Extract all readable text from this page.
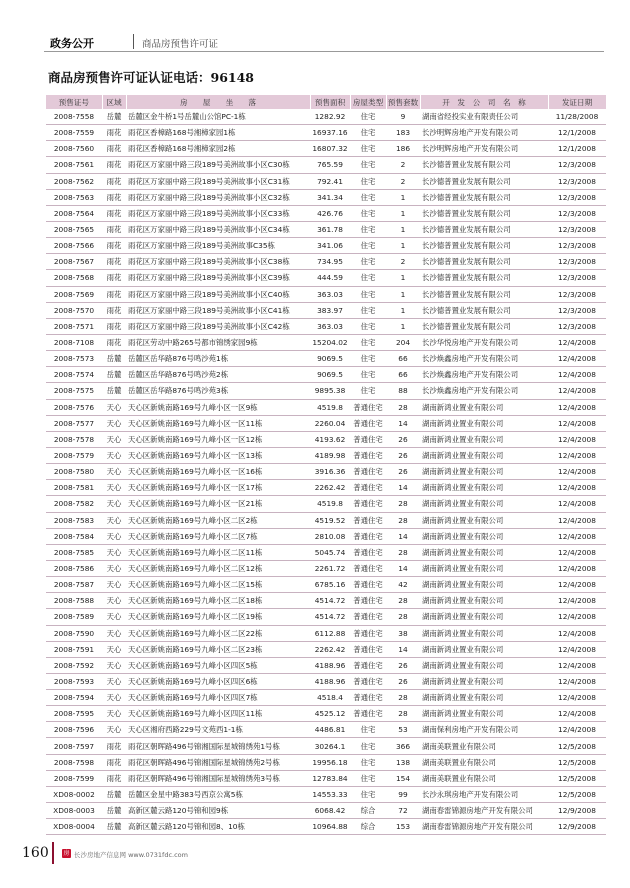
政务公开	商品房预售许可证
商品房预售许可证认证电话：96148
预售证号	区域	房　　屋　　坐　　落	预售面积	房屋类型	预售套数	开　发　公　司　名　称	发证日期
2008-7558	岳麓	岳麓区金牛桥1号岳麓山公馆PC-1栋	1282.92	住宅	9	湖南省经投实业有限责任公司	11/28/2008
2008-7559	雨花	雨花区香樟路168号湘樟家园1栋	16937.16	住宅	183	长沙明辉房地产开发有限公司	12/1/2008
2008-7560	雨花	雨花区香樟路168号湘樟家园2栋	16807.32	住宅	186	长沙明辉房地产开发有限公司	12/1/2008
2008-7561	雨花	雨花区万家丽中路三段189号美洲故事小区C30栋	765.59	住宅	2	长沙德普置业发展有限公司	12/3/2008
2008-7562	雨花	雨花区万家丽中路三段189号美洲故事小区C31栋	792.41	住宅	2	长沙德普置业发展有限公司	12/3/2008
2008-7563	雨花	雨花区万家丽中路三段189号美洲故事小区C32栋	341.34	住宅	1	长沙德普置业发展有限公司	12/3/2008
2008-7564	雨花	雨花区万家丽中路三段189号美洲故事小区C33栋	426.76	住宅	1	长沙德普置业发展有限公司	12/3/2008
2008-7565	雨花	雨花区万家丽中路三段189号美洲故事小区C34栋	361.78	住宅	1	长沙德普置业发展有限公司	12/3/2008
2008-7566	雨花	雨花区万家丽中路三段189号美洲故事C35栋	341.06	住宅	1	长沙德普置业发展有限公司	12/3/2008
2008-7567	雨花	雨花区万家丽中路三段189号美洲故事小区C38栋	734.95	住宅	2	长沙德普置业发展有限公司	12/3/2008
2008-7568	雨花	雨花区万家丽中路三段189号美洲故事小区C39栋	444.59	住宅	1	长沙德普置业发展有限公司	12/3/2008
2008-7569	雨花	雨花区万家丽中路三段189号美洲故事小区C40栋	363.03	住宅	1	长沙德普置业发展有限公司	12/3/2008
2008-7570	雨花	雨花区万家丽中路三段189号美洲故事小区C41栋	383.97	住宅	1	长沙德普置业发展有限公司	12/3/2008
2008-7571	雨花	雨花区万家丽中路三段189号美洲故事小区C42栋	363.03	住宅	1	长沙德普置业发展有限公司	12/3/2008
2008-7108	雨花	雨花区劳动中路265号都市锦绣家园9栋	15204.02	住宅	204	长沙华悦房地产开发有限公司	12/4/2008
2008-7573	岳麓	岳麓区岳华路876号鸣沙苑1栋	9069.5	住宅	66	长沙焕鑫房地产开发有限公司	12/4/2008
2008-7574	岳麓	岳麓区岳华路876号鸣沙苑2栋	9069.5	住宅	66	长沙焕鑫房地产开发有限公司	12/4/2008
2008-7575	岳麓	岳麓区岳华路876号鸣沙苑3栋	9895.38	住宅	88	长沙焕鑫房地产开发有限公司	12/4/2008
2008-7576	天心	天心区新姚南路169号九峰小区一区9栋	4519.8	普通住宅	28	湖南新鸿业置业有限公司	12/4/2008
2008-7577	天心	天心区新姚南路169号九峰小区一区11栋	2260.04	普通住宅	14	湖南新鸿业置业有限公司	12/4/2008
2008-7578	天心	天心区新姚南路169号九峰小区一区12栋	4193.62	普通住宅	26	湖南新鸿业置业有限公司	12/4/2008
2008-7579	天心	天心区新姚南路169号九峰小区一区13栋	4189.98	普通住宅	26	湖南新鸿业置业有限公司	12/4/2008
2008-7580	天心	天心区新姚南路169号九峰小区一区16栋	3916.36	普通住宅	26	湖南新鸿业置业有限公司	12/4/2008
2008-7581	天心	天心区新姚南路169号九峰小区一区17栋	2262.42	普通住宅	14	湖南新鸿业置业有限公司	12/4/2008
2008-7582	天心	天心区新姚南路169号九峰小区一区21栋	4519.8	普通住宅	28	湖南新鸿业置业有限公司	12/4/2008
2008-7583	天心	天心区新姚南路169号九峰小区二区2栋	4519.52	普通住宅	28	湖南新鸿业置业有限公司	12/4/2008
2008-7584	天心	天心区新姚南路169号九峰小区二区7栋	2810.08	普通住宅	14	湖南新鸿业置业有限公司	12/4/2008
2008-7585	天心	天心区新姚南路169号九峰小区二区11栋	5045.74	普通住宅	28	湖南新鸿业置业有限公司	12/4/2008
2008-7586	天心	天心区新姚南路169号九峰小区二区12栋	2261.72	普通住宅	14	湖南新鸿业置业有限公司	12/4/2008
2008-7587	天心	天心区新姚南路169号九峰小区二区15栋	6785.16	普通住宅	42	湖南新鸿业置业有限公司	12/4/2008
2008-7588	天心	天心区新姚南路169号九峰小区二区18栋	4514.72	普通住宅	28	湖南新鸿业置业有限公司	12/4/2008
2008-7589	天心	天心区新姚南路169号九峰小区二区19栋	4514.72	普通住宅	28	湖南新鸿业置业有限公司	12/4/2008
2008-7590	天心	天心区新姚南路169号九峰小区二区22栋	6112.88	普通住宅	38	湖南新鸿业置业有限公司	12/4/2008
2008-7591	天心	天心区新姚南路169号九峰小区二区23栋	2262.42	普通住宅	14	湖南新鸿业置业有限公司	12/4/2008
2008-7592	天心	天心区新姚南路169号九峰小区四区5栋	4188.96	普通住宅	26	湖南新鸿业置业有限公司	12/4/2008
2008-7593	天心	天心区新姚南路169号九峰小区四区6栋	4188.96	普通住宅	26	湖南新鸿业置业有限公司	12/4/2008
2008-7594	天心	天心区新姚南路169号九峰小区四区7栋	4518.4	普通住宅	28	湖南新鸿业置业有限公司	12/4/2008
2008-7595	天心	天心区新姚南路169号九峰小区四区11栋	4525.12	普通住宅	28	湖南新鸿业置业有限公司	12/4/2008
2008-7596	天心	天心区湘府西路229号文苑西1-1栋	4486.81	住宅	53	湖南保利房地产开发有限公司	12/4/2008
2008-7597	雨花	雨花区朝晖路496号锦湘国际星城锦绣苑1号栋	30264.1	住宅	366	湖南美联置业有限公司	12/5/2008
2008-7598	雨花	雨花区朝晖路496号锦湘国际星城锦绣苑2号栋	19956.18	住宅	138	湖南美联置业有限公司	12/5/2008
2008-7599	雨花	雨花区朝晖路496号锦湘国际星城锦绣苑3号栋	12783.84	住宅	154	湖南美联置业有限公司	12/5/2008
XD08-0002	岳麓	岳麓区金星中路383号西京公寓5栋	14553.33	住宅	99	长沙永琪房地产开发有限公司	12/5/2008
XD08-0003	岳麓	高新区麓云路120号锦和园9栋	6068.42	综合	72	湖南春雷锦源房地产开发有限公司	12/9/2008
XD08-0004	岳麓	高新区麓云路120号锦和园8、10栋	10964.88	综合	153	湖南春雷锦源房地产开发有限公司	12/9/2008
160 房 长沙房地产信息网 www.0731fdc.com
